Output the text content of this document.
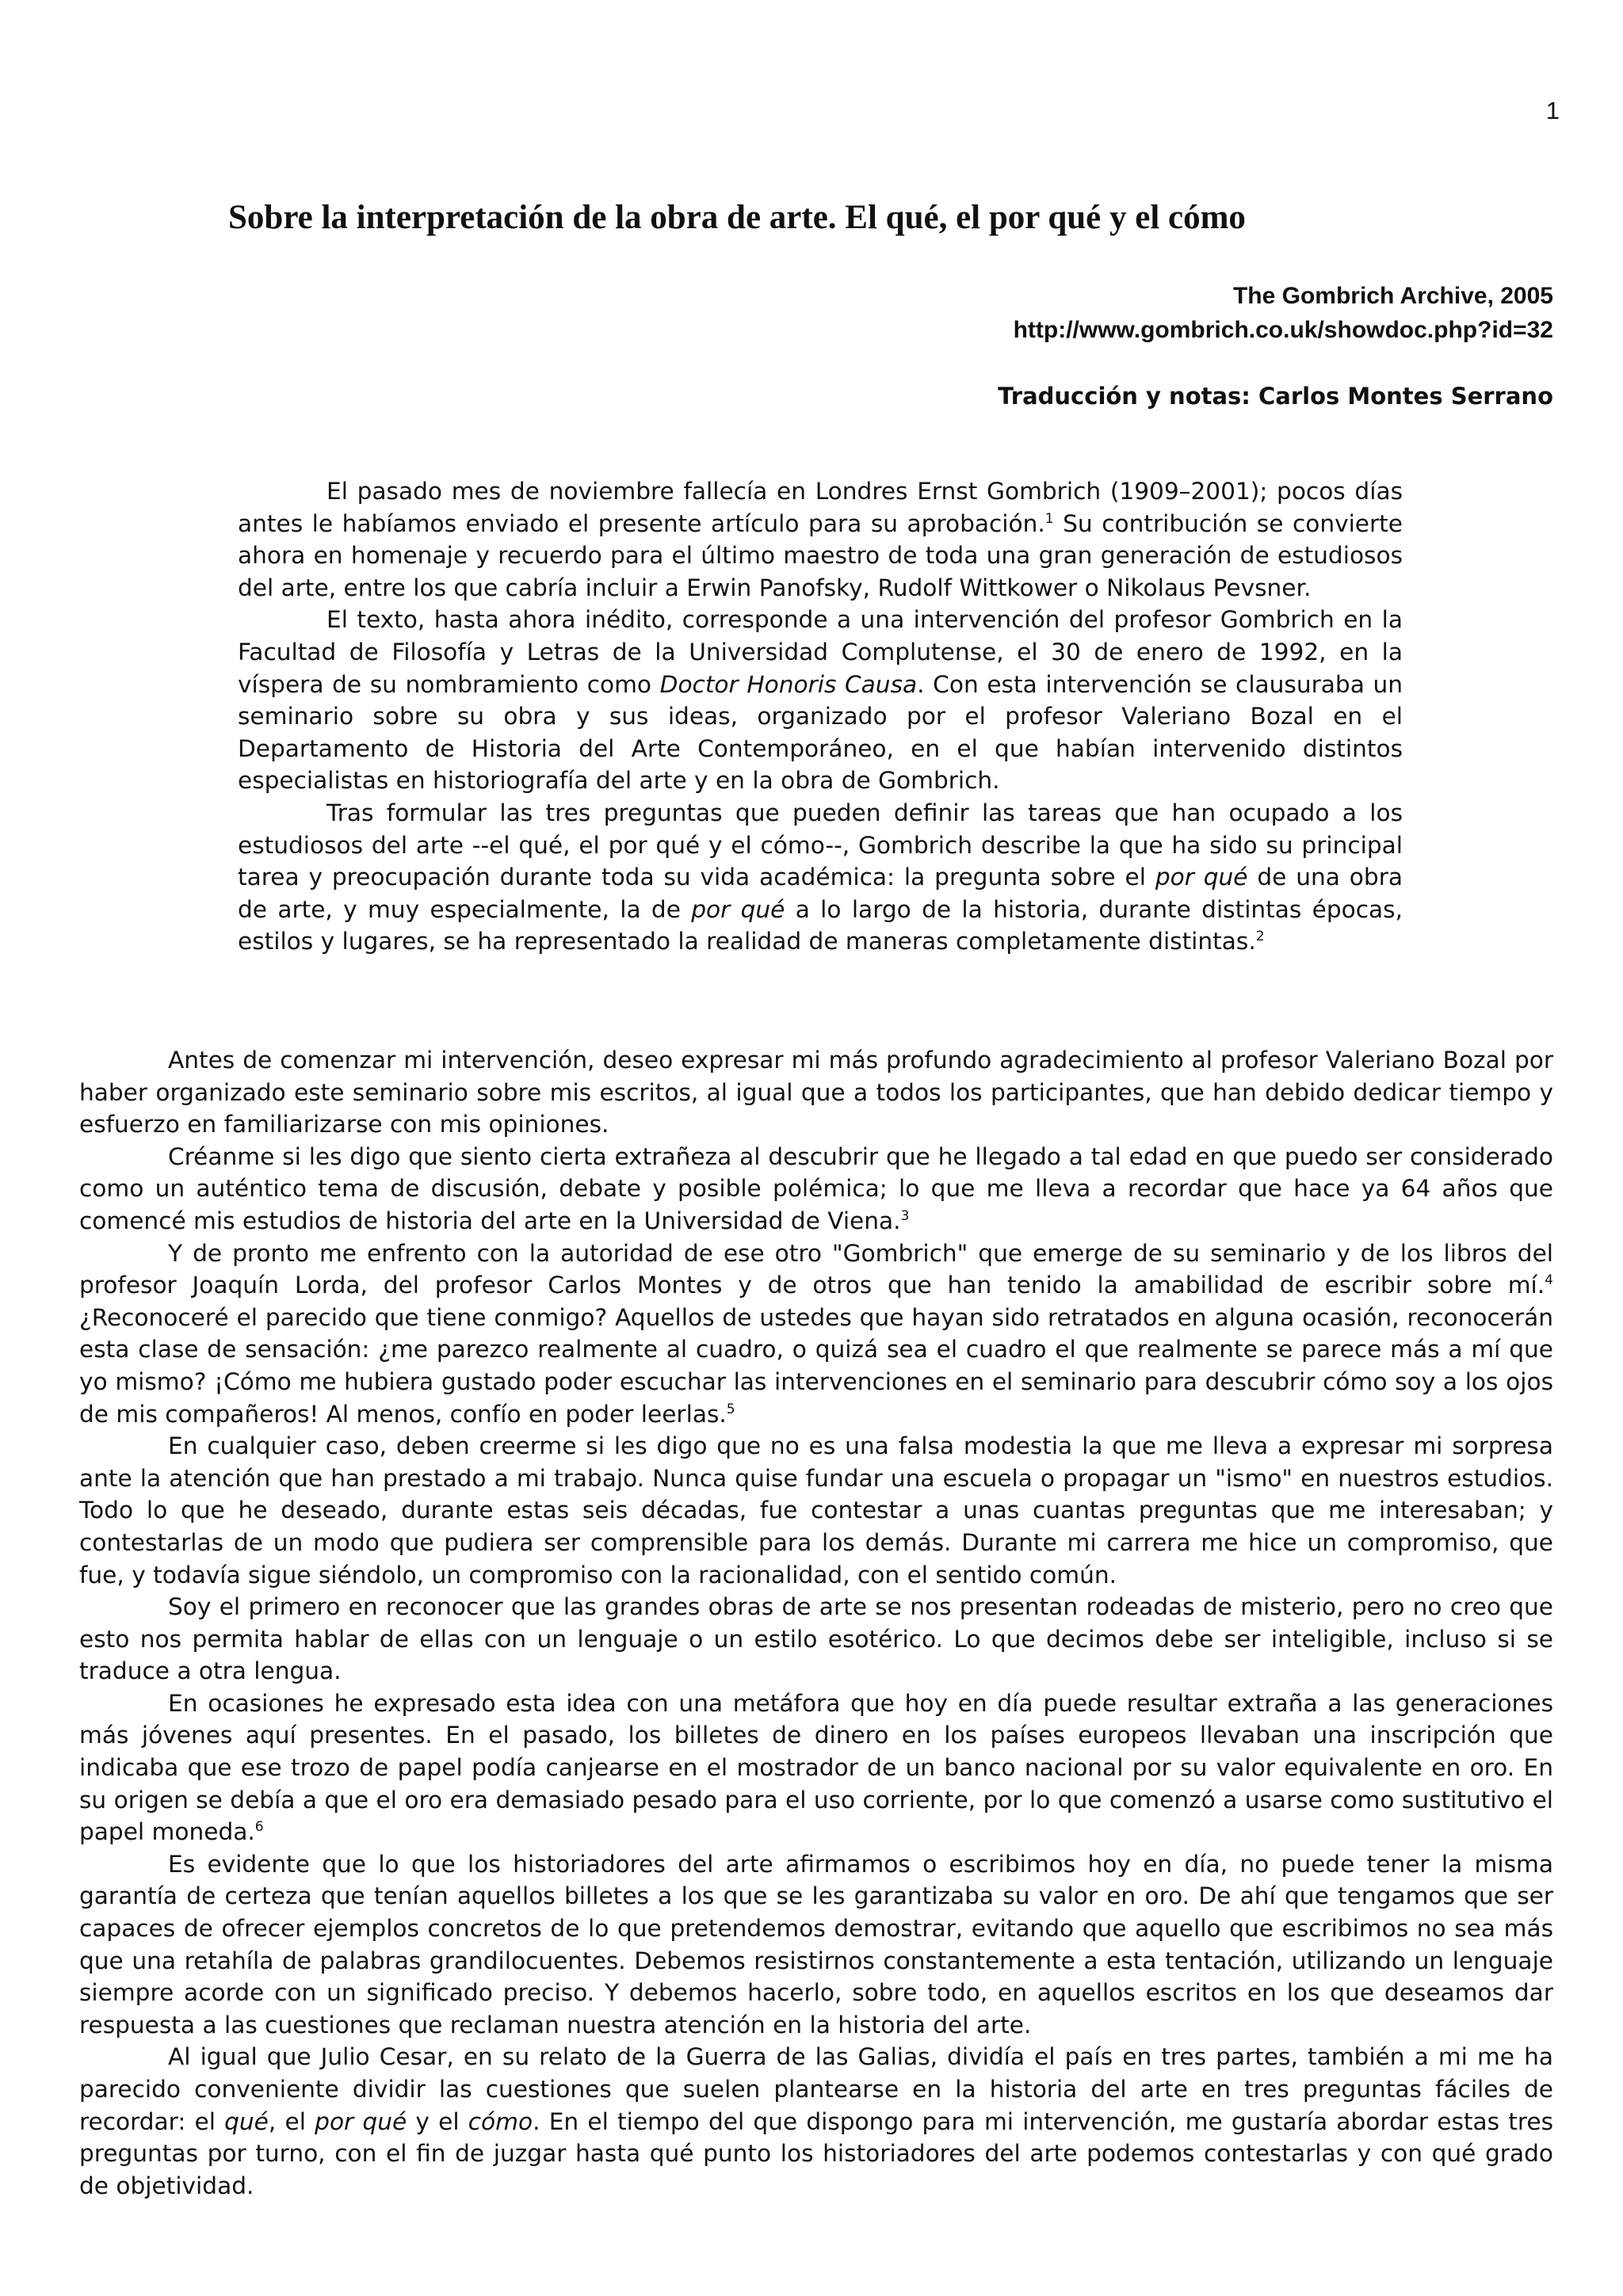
1
Sobre la interpretación de la obra de arte. El qué, el por qué y el cómo
The Gombrich Archive, 2005
http://www.gombrich.co.uk/showdoc.php?id=32
Traducción y notas: Carlos Montes Serrano

El pasado mes de noviembre fallecía en Londres Ernst Gombrich (1909–2001); pocos días antes le habíamos enviado el presente artículo para su aprobación.$^1$ Su contribución se convierte ahora en homenaje y recuerdo para el último maestro de toda una gran generación de estudiosos del arte, entre los que cabría incluir a Erwin Panofsky, Rudolf Wittkower o Nikolaus Pevsner.

El texto, hasta ahora inédito, corresponde a una intervención del profesor Gombrich en la Facultad de Filosofía y Letras de la Universidad Complutense, el 30 de enero de 1992, en la víspera de su nombramiento como Doctor Honoris Causa. Con esta intervención se clausuraba un seminario sobre su obra y sus ideas, organizado por el profesor Valeriano Bozal en el Departamento de Historia del Arte Contemporáneo, en el que habían intervenido distintos especialistas en historiografía del arte y en la obra de Gombrich.

Tras formular las tres preguntas que pueden definir las tareas que han ocupado a los estudiosos del arte --el qué, el por qué y el cómo--, Gombrich describe la que ha sido su principal tarea y preocupación durante toda su vida académica: la pregunta sobre el por qué de una obra de arte, y muy especialmente, la de por qué a lo largo de la historia, durante distintas épocas, estilos y lugares, se ha representado la realidad de maneras completamente distintas.$^2$

Antes de comenzar mi intervención, deseo expresar mi más profundo agradecimiento al profesor Valeriano Bozal por haber organizado este seminario sobre mis escritos, al igual que a todos los participantes, que han debido dedicar tiempo y esfuerzo en familiarizarse con mis opiniones.

Créanme si les digo que siento cierta extrañeza al descubrir que he llegado a tal edad en que puedo ser considerado como un auténtico tema de discusión, debate y posible polémica; lo que me lleva a recordar que hace ya 64 años que comencé mis estudios de historia del arte en la Universidad de Viena.$^3$

Y de pronto me enfrento con la autoridad de ese otro "Gombrich" que emerge de su seminario y de los libros del profesor Joaquín Lorda, del profesor Carlos Montes y de otros que han tenido la amabilidad de escribir sobre mí.$^4$ ¿Reconoceré el parecido que tiene conmigo? Aquellos de ustedes que hayan sido retratados en alguna ocasión, reconocerán esta clase de sensación: ¿me parezco realmente al cuadro, o quizá sea el cuadro el que realmente se parece más a mí que yo mismo? ¡Cómo me hubiera gustado poder escuchar las intervenciones en el seminario para descubrir cómo soy a los ojos de mis compañeros! Al menos, confío en poder leerlas.$^5$

En cualquier caso, deben creerme si les digo que no es una falsa modestia la que me lleva a expresar mi sorpresa ante la atención que han prestado a mi trabajo. Nunca quise fundar una escuela o propagar un "ismo" en nuestros estudios. Todo lo que he deseado, durante estas seis décadas, fue contestar a unas cuantas preguntas que me interesaban; y contestarlas de un modo que pudiera ser comprensible para los demás. Durante mi carrera me hice un compromiso, que fue, y todavía sigue siéndolo, un compromiso con la racionalidad, con el sentido común.

Soy el primero en reconocer que las grandes obras de arte se nos presentan rodeadas de misterio, pero no creo que esto nos permita hablar de ellas con un lenguaje o un estilo esotérico. Lo que decimos debe ser inteligible, incluso si se traduce a otra lengua.

En ocasiones he expresado esta idea con una metáfora que hoy en día puede resultar extraña a las generaciones más jóvenes aquí presentes. En el pasado, los billetes de dinero en los países europeos llevaban una inscripción que indicaba que ese trozo de papel podía canjearse en el mostrador de un banco nacional por su valor equivalente en oro. En su origen se debía a que el oro era demasiado pesado para el uso corriente, por lo que comenzó a usarse como sustitutivo el papel moneda.$^6$

Es evidente que lo que los historiadores del arte afirmamos o escribimos hoy en día, no puede tener la misma garantía de certeza que tenían aquellos billetes a los que se les garantizaba su valor en oro. De ahí que tengamos que ser capaces de ofrecer ejemplos concretos de lo que pretendemos demostrar, evitando que aquello que escribimos no sea más que una retahíla de palabras grandilocuentes. Debemos resistirnos constantemente a esta tentación, utilizando un lenguaje siempre acorde con un significado preciso. Y debemos hacerlo, sobre todo, en aquellos escritos en los que deseamos dar respuesta a las cuestiones que reclaman nuestra atención en la historia del arte.

Al igual que Julio Cesar, en su relato de la Guerra de las Galias, dividía el país en tres partes, también a mi me ha parecido conveniente dividir las cuestiones que suelen plantearse en la historia del arte en tres preguntas fáciles de recordar: el qué, el por qué y el cómo. En el tiempo del que dispongo para mi intervención, me gustaría abordar estas tres preguntas por turno, con el fin de juzgar hasta qué punto los historiadores del arte podemos contestarlas y con qué grado de objetividad.
